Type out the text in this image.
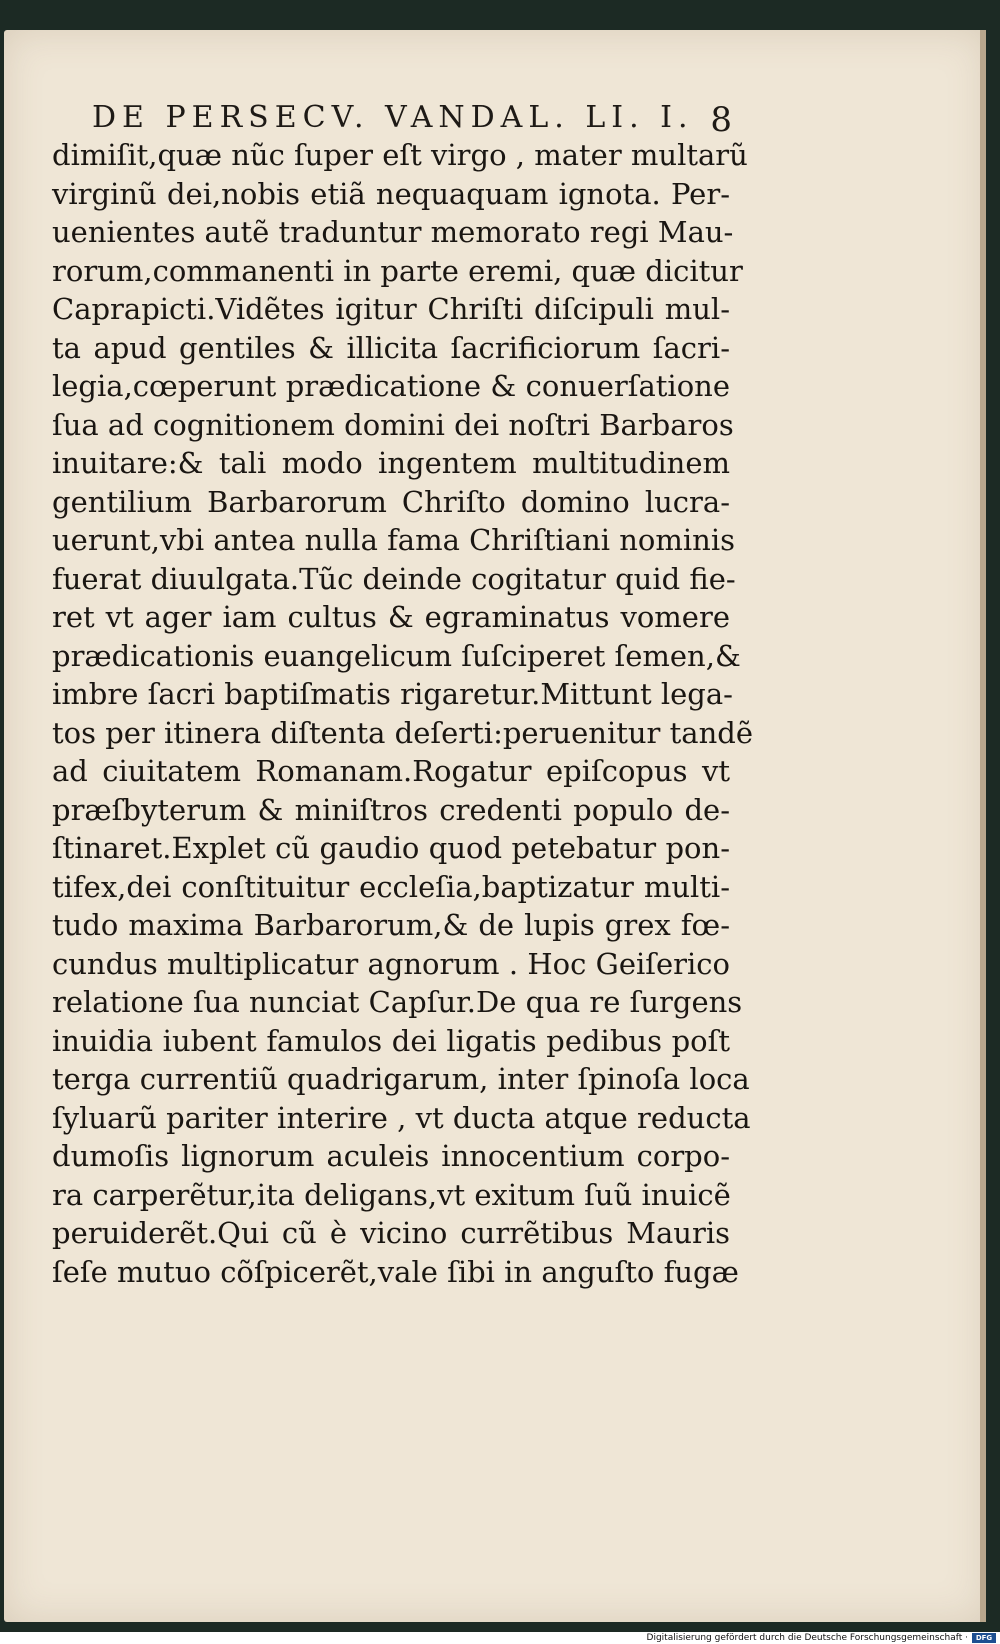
DE PERSECV. VANDAL. LI. I. 8
dimiſit,quæ nũc ſuper eſt virgo , mater multarũ
virginũ dei,nobis etiã nequaquam ignota. Per-
uenientes autẽ traduntur memorato regi Mau-
rorum,commanenti in parte eremi, quæ dicitur
Caprapicti.Vidẽtes igitur Chriſti diſcipuli mul-
ta apud gentiles & illicita ſacrificiorum ſacri-
legia,cœperunt prædicatione & conuerſatione
ſua ad cognitionem domini dei noſtri Barbaros
inuitare:& tali modo ingentem multitudinem
gentilium Barbarorum Chriſto domino lucra-
uerunt,vbi antea nulla fama Chriſtiani nominis
fuerat diuulgata.Tũc deinde cogitatur quid fie-
ret vt ager iam cultus & egraminatus vomere
prædicationis euangelicum ſuſciperet ſemen,&
imbre ſacri baptiſmatis rigaretur.Mittunt lega-
tos per itinera diſtenta deſerti:peruenitur tandẽ
ad ciuitatem Romanam.Rogatur epiſcopus vt
præſbyterum & miniſtros credenti populo de-
ſtinaret.Explet cũ gaudio quod petebatur pon-
tifex,dei conſtituitur eccleſia,baptizatur multi-
tudo maxima Barbarorum,& de lupis grex fœ-
cundus multiplicatur agnorum . Hoc Geiſerico
relatione ſua nunciat Capſur.De qua re ſurgens
inuidia iubent famulos dei ligatis pedibus poſt
terga currentiũ quadrigarum, inter ſpinoſa loca
ſyluarũ pariter interire , vt ducta atque reducta
dumoſis lignorum aculeis innocentium corpo-
ra carperẽtur,ita deligans,vt exitum ſuũ inuicẽ
peruiderẽt.Qui cũ è vicino currẽtibus Mauris
ſeſe mutuo cõſpicerẽt,vale ſibi in anguſto fugæ
Digitalisierung gefördert durch die Deutsche Forschungsgemeinschaft ·	DFG
